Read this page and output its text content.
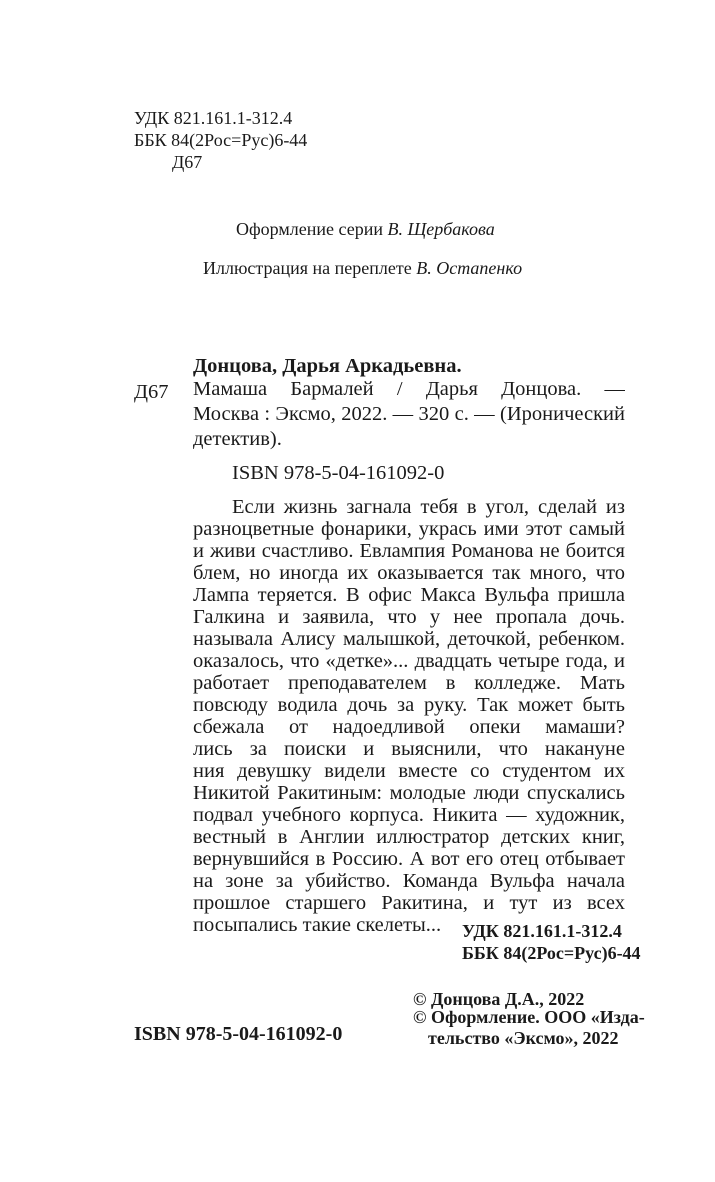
УДК 821.161.1-312.4
ББК 84(2Рос=Рус)6-44
Д67
Оформление серии В. Щербакова
Иллюстрация на переплете В. Остапенко
Донцова, Дарья Аркадьевна.
Д67 Мамаша Бармалей / Дарья Донцова. —
Москва : Эксмо, 2022. — 320 с. — (Иронический
детектив).
ISBN 978-5-04-161092-0
Если жизнь загнала тебя в угол, сделай из
разноцветные фонарики, укрась ими этот самый
и живи счастливо. Евлампия Романова не боится
блем, но иногда их оказывается так много, что
Лампа теряется. В офис Макса Вульфа пришла
Галкина и заявила, что у нее пропала дочь.
называла Алису малышкой, деточкой, ребенком.
оказалось, что «детке»... двадцать четыре года, и
работает преподавателем в колледже. Мать
повсюду водила дочь за руку. Так может быть
сбежала от надоедливой опеки мамаши?
лись за поиски и выяснили, что накануне
ния девушку видели вместе со студентом их
Никитой Ракитиным: молодые люди спускались
подвал учебного корпуса. Никита — художник,
вестный в Англии иллюстратор детских книг,
вернувшийся в Россию. А вот его отец отбывает
на зоне за убийство. Команда Вульфа начала
прошлое старшего Ракитина, и тут из всех
посыпались такие скелеты... УДК 821.161.1-312.4
ББК 84(2Рос=Рус)6-44
© Донцова Д.А., 2022
© Оформление. ООО «Изда-
тельство «Эксмо», 2022
ISBN 978-5-04-161092-0
